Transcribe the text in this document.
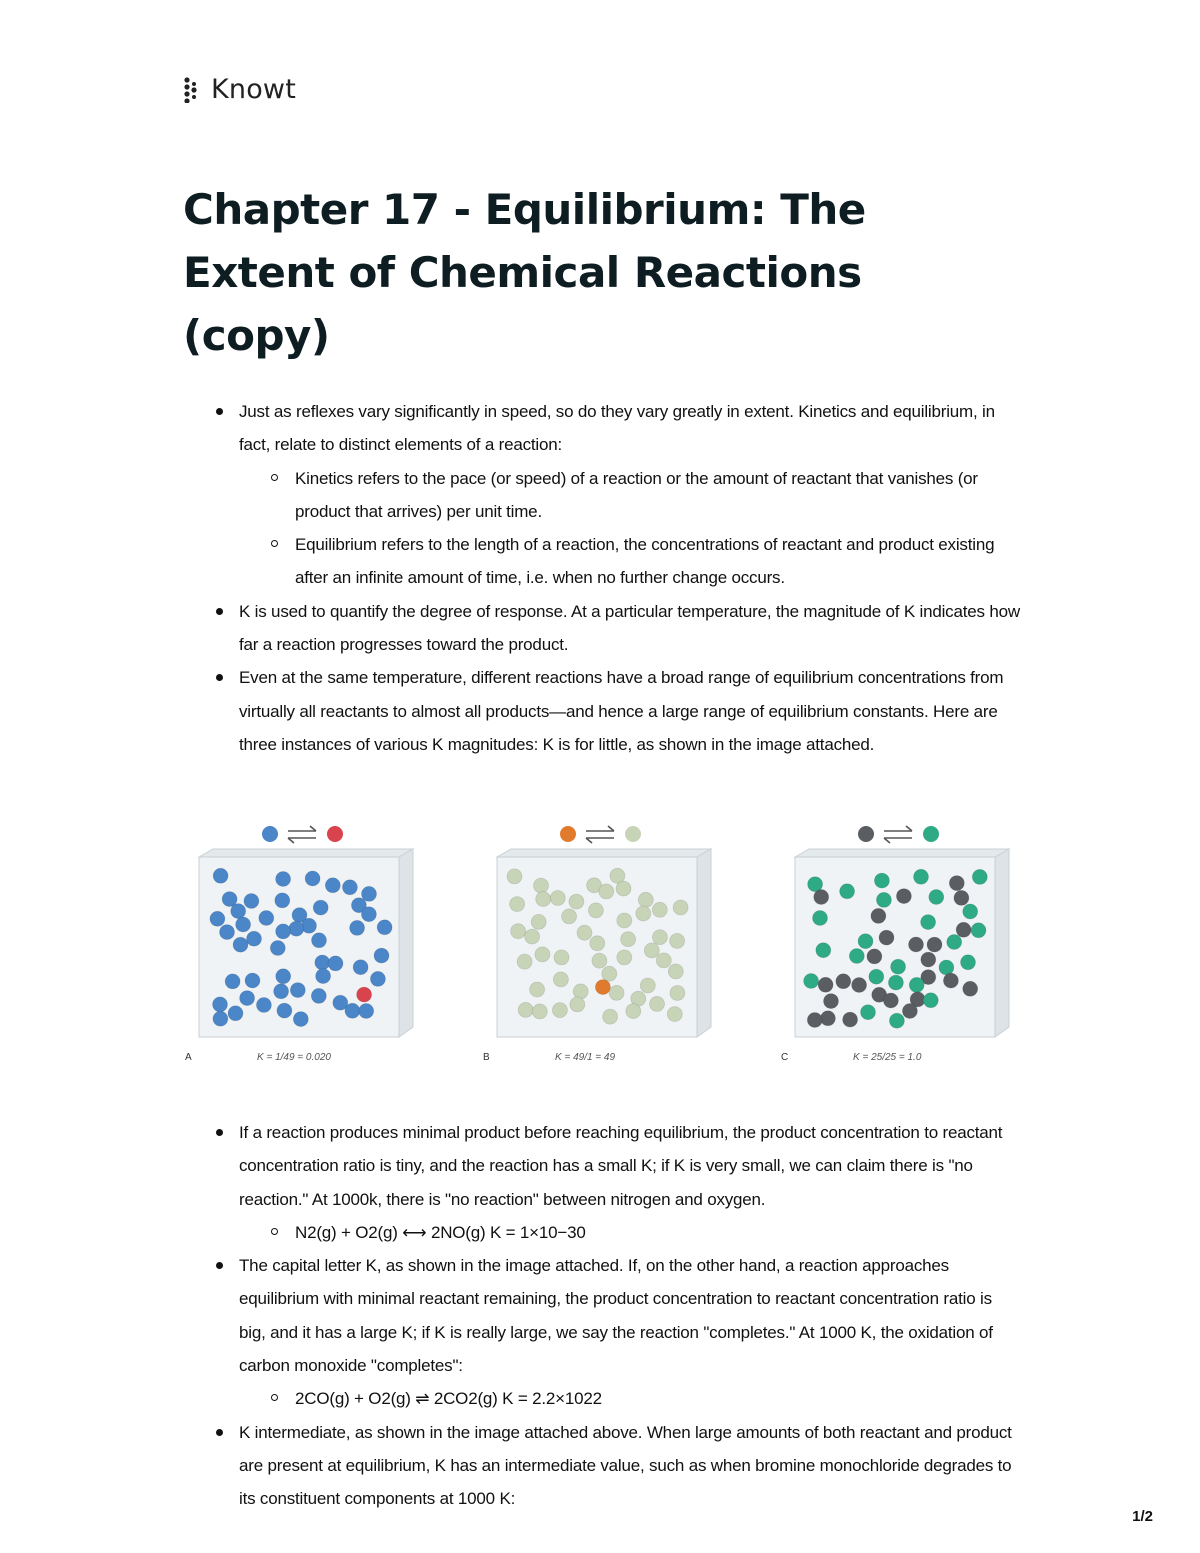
Knowt
Chapter 17 - Equilibrium: The Extent of Chemical Reactions (copy)
Just as reflexes vary significantly in speed, so do they vary greatly in extent. Kinetics and equilibrium, in fact, relate to distinct elements of a reaction:
Kinetics refers to the pace (or speed) of a reaction or the amount of reactant that vanishes (or product that arrives) per unit time.
Equilibrium refers to the length of a reaction, the concentrations of reactant and product existing after an infinite amount of time, i.e. when no further change occurs.
K is used to quantify the degree of response. At a particular temperature, the magnitude of K indicates how far a reaction progresses toward the product.
Even at the same temperature, different reactions have a broad range of equilibrium concentrations from virtually all reactants to almost all products—and hence a large range of equilibrium constants. Here are three instances of various K magnitudes: K is for little, as shown in the image attached.
A	K = 1/49 = 0.020	B	K = 49/1 = 49	C	K = 25/25 = 1.0
If a reaction produces minimal product before reaching equilibrium, the product concentration to reactant concentration ratio is tiny, and the reaction has a small K; if K is very small, we can claim there is "no reaction." At 1000k, there is "no reaction" between nitrogen and oxygen.
N2(g) + O2(g) ⟷ 2NO(g) K = 1×10−30
The capital letter K, as shown in the image attached. If, on the other hand, a reaction approaches equilibrium with minimal reactant remaining, the product concentration to reactant concentration ratio is big, and it has a large K; if K is really large, we say the reaction "completes." At 1000 K, the oxidation of carbon monoxide "completes":
2CO(g) + O2(g) ⇌ 2CO2(g) K = 2.2×1022
K intermediate, as shown in the image attached above. When large amounts of both reactant and product are present at equilibrium, K has an intermediate value, such as when bromine monochloride degrades to its constituent components at 1000 K:
1/2
